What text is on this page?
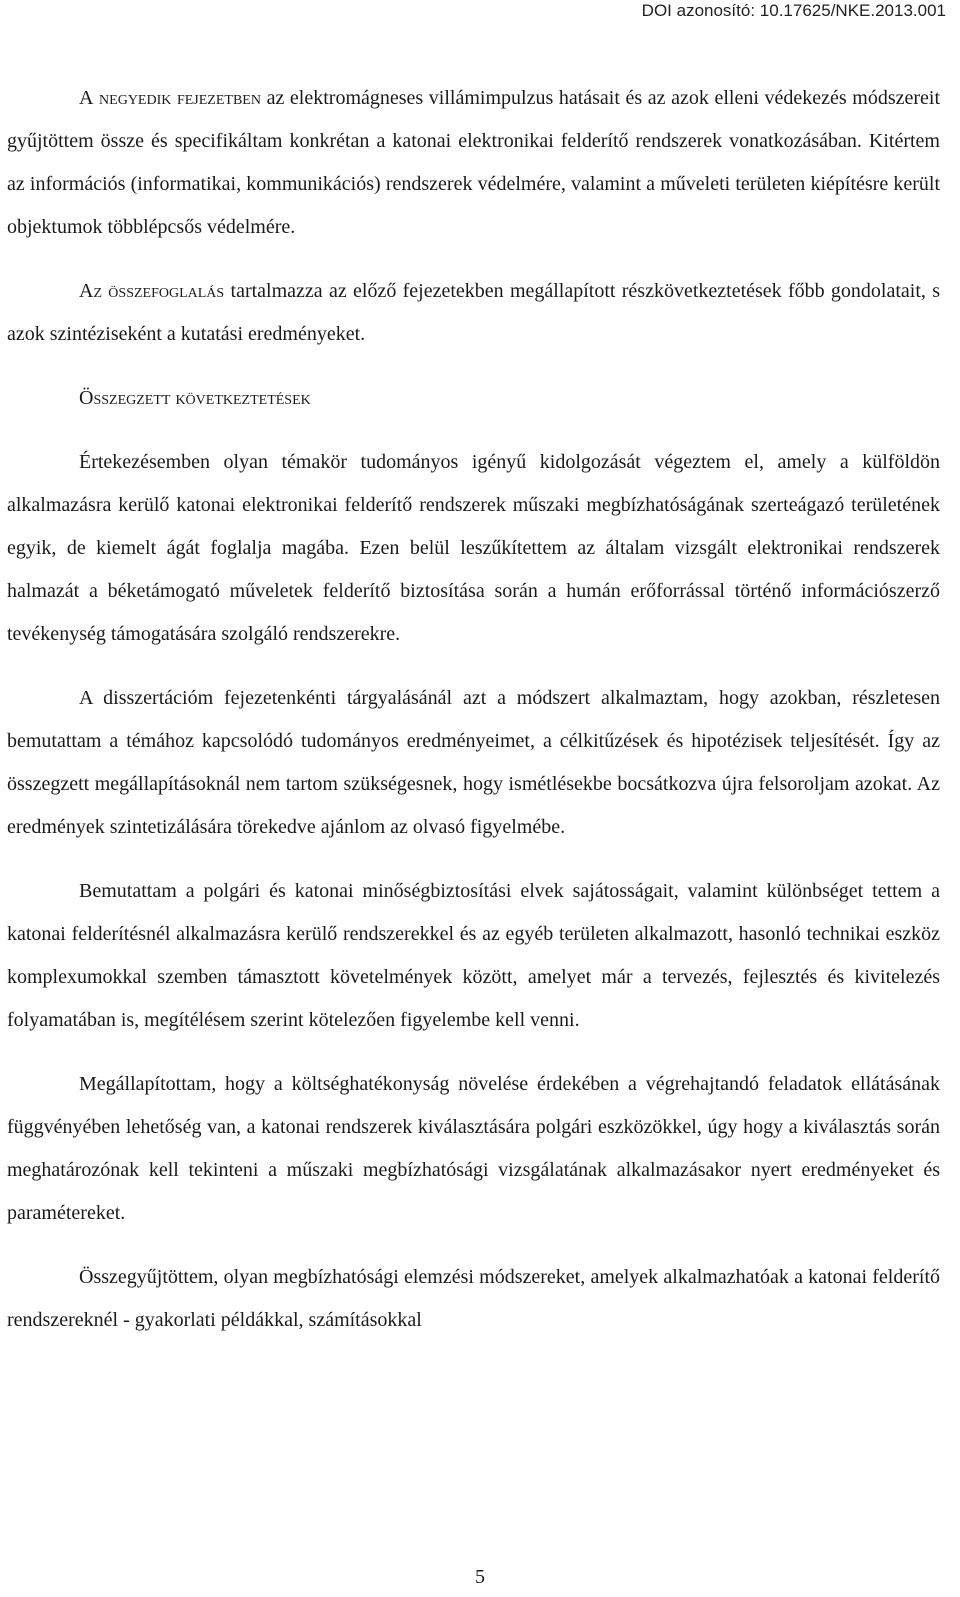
DOI azonosító: 10.17625/NKE.2013.001

A negyedik fejezetben az elektromágneses villámimpulzus hatásait és az azok elleni védekezés módszereit gyűjtöttem össze és specifikáltam konkrétan a katonai elektronikai felderítő rendszerek vonatkozásában. Kitértem az információs (informatikai, kommunikációs) rendszerek védelmére, valamint a műveleti területen kiépítésre került objektumok többlépcsős védelmére.

Az összefoglalás tartalmazza az előző fejezetekben megállapított részkövetkeztetések főbb gondolatait, s azok szintéziseként a kutatási eredményeket.

Összegzett következtetések

Értekezésemben olyan témakör tudományos igényű kidolgozását végeztem el, amely a külföldön alkalmazásra kerülő katonai elektronikai felderítő rendszerek műszaki megbízhatóságának szerteágazó területének egyik, de kiemelt ágát foglalja magába. Ezen belül leszűkítettem az általam vizsgált elektronikai rendszerek halmazát a béketámogató műveletek felderítő biztosítása során a humán erőforrással történő információszerző tevékenység támogatására szolgáló rendszerekre.

A disszertációm fejezetenkénti tárgyalásánál azt a módszert alkalmaztam, hogy azokban, részletesen bemutattam a témához kapcsolódó tudományos eredményeimet, a célkitűzések és hipotézisek teljesítését. Így az összegzett megállapításoknál nem tartom szükségesnek, hogy ismétlésekbe bocsátkozva újra felsoroljam azokat. Az eredmények szintetizálására törekedve ajánlom az olvasó figyelmébe.

Bemutattam a polgári és katonai minőségbiztosítási elvek sajátosságait, valamint különbséget tettem a katonai felderítésnél alkalmazásra kerülő rendszerekkel és az egyéb területen alkalmazott, hasonló technikai eszköz komplexumokkal szemben támasztott követelmények között, amelyet már a tervezés, fejlesztés és kivitelezés folyamatában is, megítélésem szerint kötelezően figyelembe kell venni.

Megállapítottam, hogy a költséghatékonyság növelése érdekében a végrehajtandó feladatok ellátásának függvényében lehetőség van, a katonai rendszerek kiválasztására polgári eszközökkel, úgy hogy a kiválasztás során meghatározónak kell tekinteni a műszaki megbízhatósági vizsgálatának alkalmazásakor nyert eredményeket és paramétereket.

Összegyűjtöttem, olyan megbízhatósági elemzési módszereket, amelyek alkalmazhatóak a katonai felderítő rendszereknél - gyakorlati példákkal, számításokkal

5
